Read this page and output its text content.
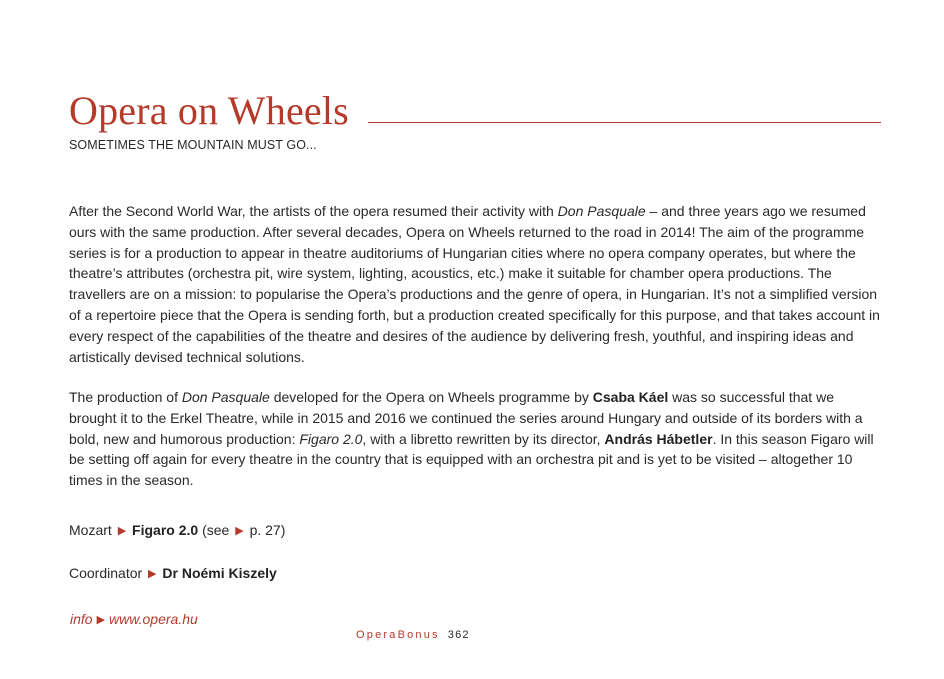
Opera on Wheels
SOMETIMES THE MOUNTAIN MUST GO...

After the Second World War, the artists of the opera resumed their activity with Don Pasquale – and three years ago we resumed ours with the same production. After several decades, Opera on Wheels returned to the road in 2014! The aim of the programme series is for a production to appear in theatre auditoriums of Hungarian cities where no opera company operates, but where the theatre’s attributes (orchestra pit, wire system, lighting, acoustics, etc.) make it suitable for chamber opera productions. The travellers are on a mission: to popularise the Opera’s productions and the genre of opera, in Hungarian. It’s not a simplified version of a repertoire piece that the Opera is sending forth, but a production created specifically for this purpose, and that takes account in every respect of the capabilities of the theatre and desires of the audience by delivering fresh, youthful, and inspiring ideas and artistically devised technical solutions.

The production of Don Pasquale developed for the Opera on Wheels programme by Csaba Káel was so successful that we brought it to the Erkel Theatre, while in 2015 and 2016 we continued the series around Hungary and outside of its borders with a bold, new and humorous production: Figaro 2.0, with a libretto rewritten by its director, András Hábetler. In this season Figaro will be setting off again for every theatre in the country that is equipped with an orchestra pit and is yet to be visited – altogether 10 times in the season.

Mozart ▶ Figaro 2.0 (see ▶ p. 27)
Coordinator ▶ Dr Noémi Kiszely
info ▶ www.opera.hu
OperaBonus 362
